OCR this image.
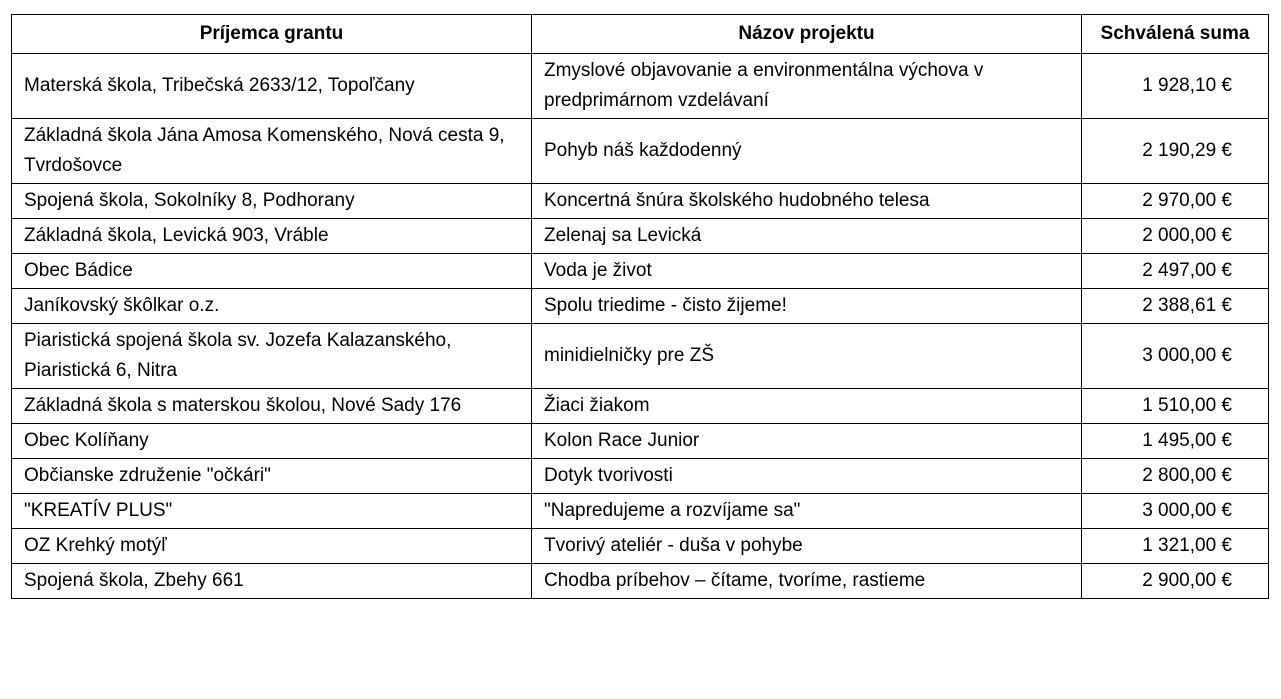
Príjemca grantu	Názov projektu	Schválená suma
Materská škola, Tribečská 2633/12, Topoľčany	Zmyslové objavovanie a environmentálna výchova v predprimárnom vzdelávaní	1 928,10 €
Základná škola Jána Amosa Komenského, Nová cesta 9, Tvrdošovce	Pohyb náš každodenný	2 190,29 €
Spojená škola, Sokolníky 8, Podhorany	Koncertná šnúra školského hudobného telesa	2 970,00 €
Základná škola, Levická 903, Vráble	Zelenaj sa Levická	2 000,00 €
Obec Bádice	Voda je život	2 497,00 €
Janíkovský škôlkar o.z.	Spolu triedime - čisto žijeme!	2 388,61 €
Piaristická spojená škola sv. Jozefa Kalazanského, Piaristická 6, Nitra	minidielničky pre ZŠ	3 000,00 €
Základná škola s materskou školou, Nové Sady 176	Žiaci žiakom	1 510,00 €
Obec Kolíňany	Kolon Race Junior	1 495,00 €
Občianske združenie "očkári"	Dotyk tvorivosti	2 800,00 €
"KREATÍV PLUS"	"Napredujeme a rozvíjame sa"	3 000,00 €
OZ Krehký motýľ	Tvorivý ateliér - duša v pohybe	1 321,00 €
Spojená škola, Zbehy 661	Chodba príbehov – čítame, tvoríme, rastieme	2 900,00 €
